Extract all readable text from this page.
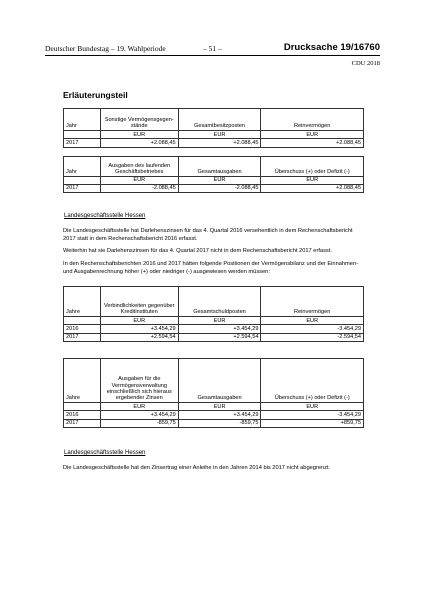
Deutscher Bundestag – 19. Wahlperiode	– 51 –	Drucksache 19/16760
CDU 2018
Erläuterungsteil
Jahr	Sonstige Vermögensgegen-stände	Gesamtbesitzposten	Reinvermögen
	EUR	EUR	EUR
2017	+2.088,45	+2.088,45	+2.088,45
Jahr	Ausgaben des laufenden Geschäftsbetriebes	Gesamtausgaben	Überschuss (+) oder Defizit (-)
	EUR	EUR	EUR
2017	-2.088,45	-2.088,45	+2.088,45
Landesgeschäftsstelle Hessen
Die Landesgeschäftsstelle hat Darlehenszinsen für das 4. Quartal 2016 versehentlich in dem Rechenschaftsbericht 2017 statt in dem Rechenschaftsbericht 2016 erfasst.
Weiterhin hat sie Darlehenszinsen für das 4. Quartal 2017 nicht in dem Rechenschaftsbericht 2017 erfasst.
In den Rechenschaftsberichten 2016 und 2017 hätten folgende Positionen der Vermögensbilanz und der Einnahmen- und Ausgabenrechnung höher (+) oder niedriger (-) ausgewiesen werden müssen:
Jahre	Verbindlichkeiten gegenüber Kreditinstituten	Gesamtschuldposten	Reinvermögen
	EUR	EUR	EUR
2016	+3.454,29	+3.454,29	-3.454,29
2017	+2.594,54	+2.594,54	-2.594,54
Jahre	Ausgaben für die Vermögensverwaltung einschließlich sich hieraus ergebender Zinsen	Gesamtausgaben	Überschuss (+) oder Defizit (-)
	EUR	EUR	EUR
2016	+3.454,29	+3.454,29	-3.454,29
2017	-859,75	-859,75	+859,75
Landesgeschäftsstelle Hessen
Die Landesgeschäftsstelle hat den Zinsertrag einer Anleihe in den Jahren 2014 bis 2017 nicht abgegrenzt.
